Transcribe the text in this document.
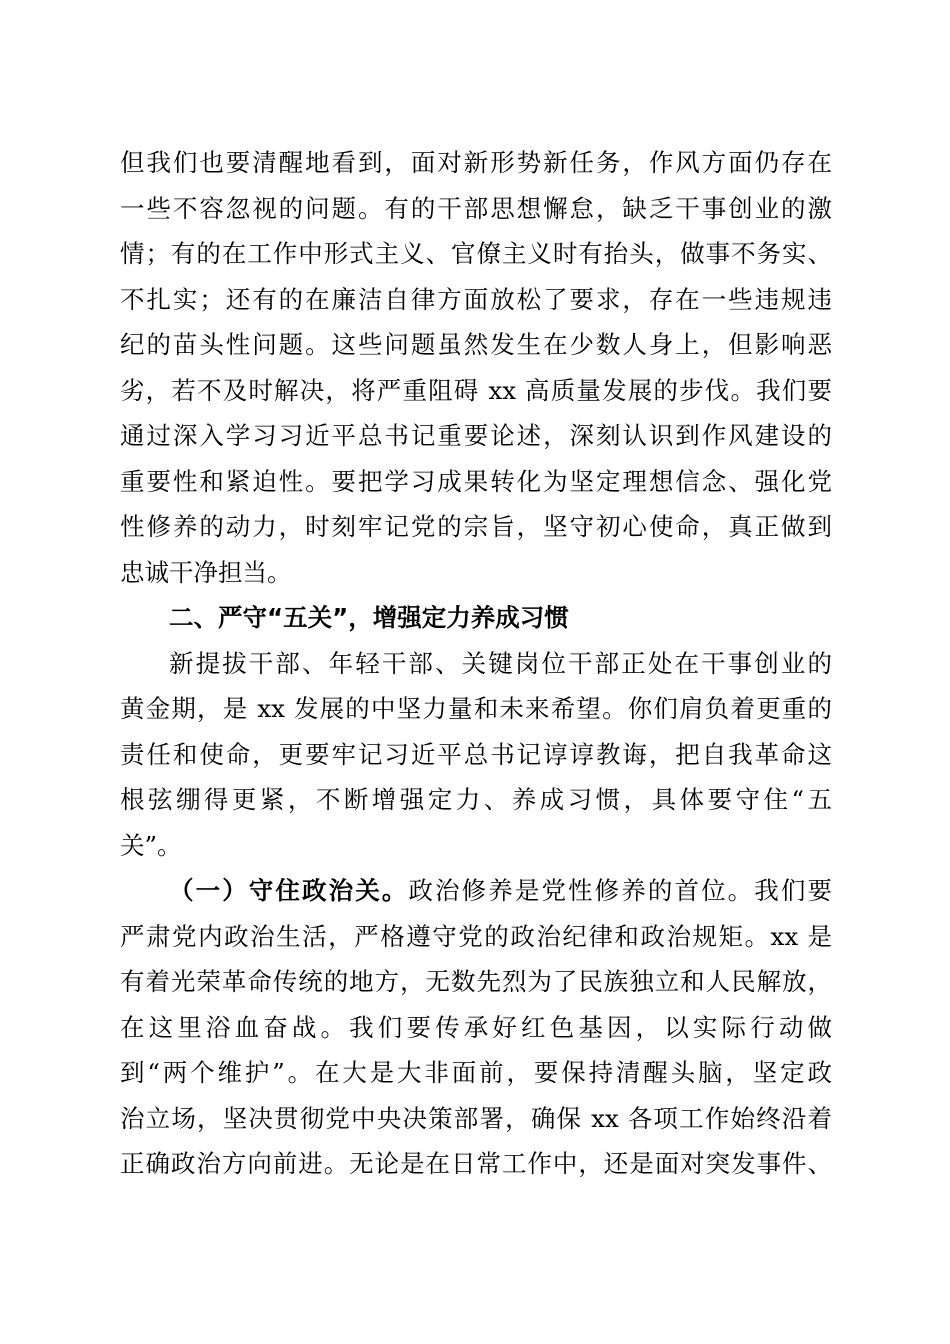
但我们也要清醒地看到，面对新形势新任务，作风方面仍存在
一些不容忽视的问题。有的干部思想懈怠，缺乏干事创业的激
情；有的在工作中形式主义、官僚主义时有抬头，做事不务实、
不扎实；还有的在廉洁自律方面放松了要求，存在一些违规违
纪的苗头性问题。这些问题虽然发生在少数人身上，但影响恶
劣，若不及时解决，将严重阻碍 xx 高质量发展的步伐。我们要
通过深入学习习近平总书记重要论述，深刻认识到作风建设的
重要性和紧迫性。要把学习成果转化为坚定理想信念、强化党
性修养的动力，时刻牢记党的宗旨，坚守初心使命，真正做到
忠诚干净担当。
二、严守“五关”，增强定力养成习惯
新提拔干部、年轻干部、关键岗位干部正处在干事创业的
黄金期，是 xx 发展的中坚力量和未来希望。你们肩负着更重的
责任和使命，更要牢记习近平总书记谆谆教诲，把自我革命这
根弦绷得更紧，不断增强定力、养成习惯，具体要守住“五
关”。
（一）守住政治关。政治修养是党性修养的首位。我们要
严肃党内政治生活，严格遵守党的政治纪律和政治规矩。xx 是
有着光荣革命传统的地方，无数先烈为了民族独立和人民解放，
在这里浴血奋战。我们要传承好红色基因，以实际行动做
到“两个维护”。在大是大非面前，要保持清醒头脑，坚定政
治立场，坚决贯彻党中央决策部署，确保 xx 各项工作始终沿着
正确政治方向前进。无论是在日常工作中，还是面对突发事件、
